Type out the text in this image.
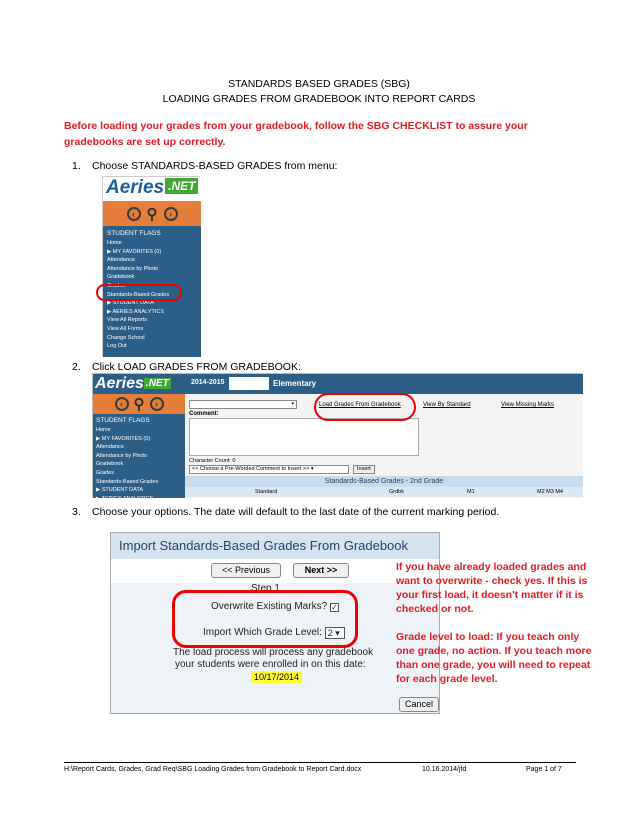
STANDARDS BASED GRADES (SBG)
LOADING GRADES FROM GRADEBOOK INTO REPORT CARDS
Before loading your grades from your gradebook, follow the SBG CHECKLIST to assure your gradebooks are set up correctly.
1. Choose STANDARDS-BASED GRADES from menu:
Aeries .NET
‹ ⚲	›
STUDENT FLAGS
Home
▶ MY FAVORITES (0)
Attendance
Attendance by Photo
Gradebook
Grades
Standards-Based Grades
▶ STUDENT DATA
▶ AERIES ANALYTICS
View All Reports
View All Forms
Change School
Log Out
2. Click LOAD GRADES FROM GRADEBOOK:
Aeries .NET	2014-2015	Elementary
‹ ⚲	›
STUDENT FLAGS
Home
▶ MY FAVORITES (0)
Attendance
Attendance by Photo
Gradebook
Grades
Standards-Based Grades
▶ STUDENT DATA
▶ AERIES ANALYTICS
▾	Load Grades From Gradebook	View By Standard	View Missing Marks
Comment:
Character Count: 0
<< Choose a Pre-Worded Comment to Insert >> ▾	Insert
Standards-Based Grades - 2nd Grade
Standard	Grdbk	M1	M2 M3 M4
3. Choose your options. The date will default to the last date of the current marking period.
Import Standards-Based Grades From Gradebook
<< Previous	Next >>
Step 1
Overwrite Existing Marks? ✓
Import Which Grade Level: 2 ▾
The load process will process any gradebook
your students were enrolled in on this date:
10/17/2014
Cancel
If you have already loaded grades and want to overwrite - check yes. If this is your first load, it doesn't matter if it is checked or not.
Grade level to load: If you teach only one grade, no action. If you teach more than one grade, you will need to repeat for each grade level.
H:\Report Cards, Grades, Grad Req\SBG Loading Grades from Gradebook to Report Card.docx	10.16.2014/jfd	Page 1 of 7
